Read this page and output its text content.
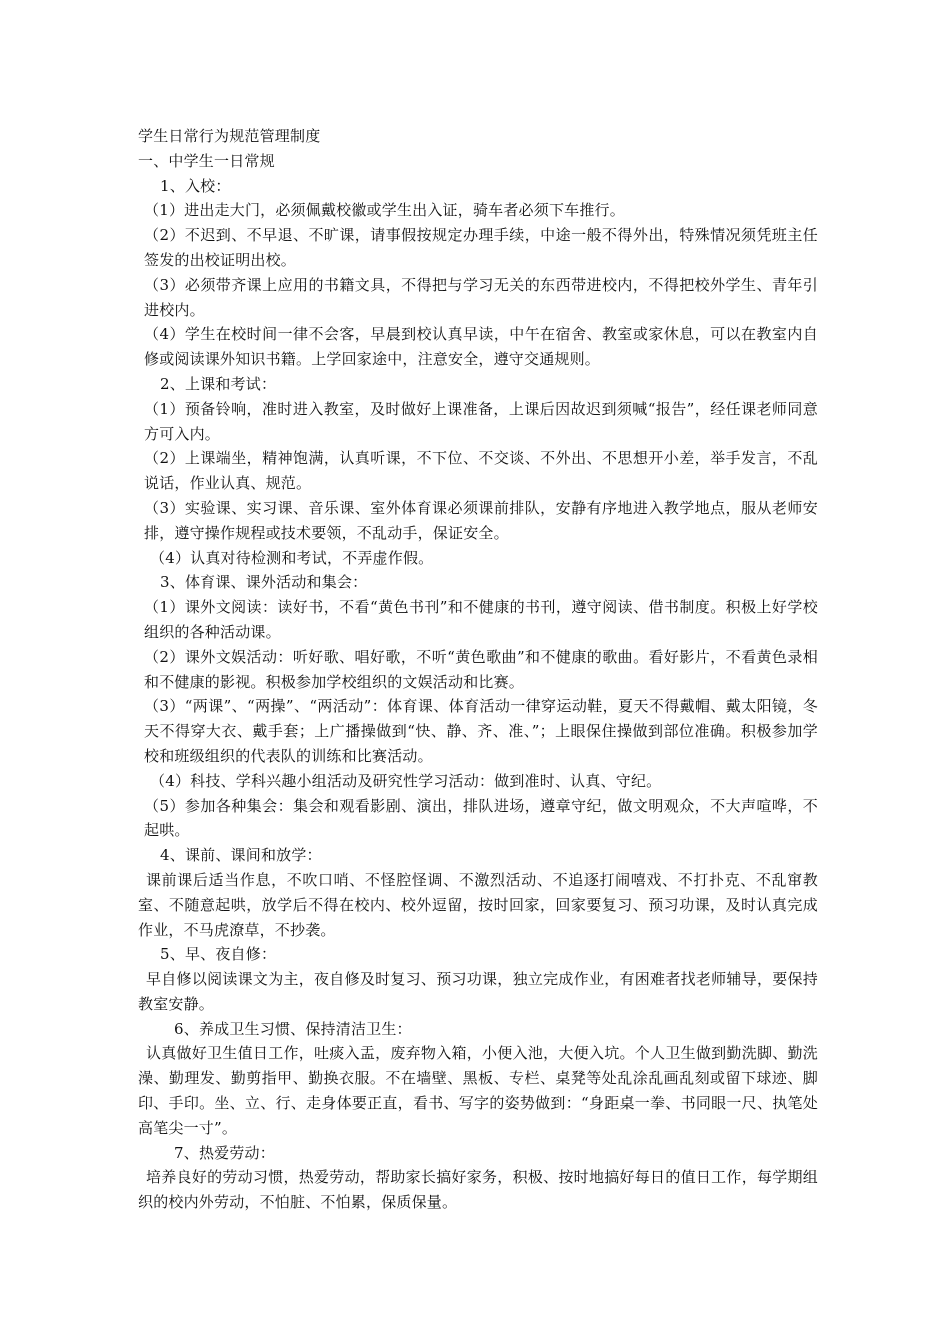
学生日常行为规范管理制度

一、中学生一日常规

1、入校：

（1）进出走大门，必须佩戴校徽或学生出入证，骑车者必须下车推行。

（2）不迟到、不早退、不旷课，请事假按规定办理手续，中途一般不得外出，特殊情况须凭班主任签发的出校证明出校。

（3）必须带齐课上应用的书籍文具，不得把与学习无关的东西带进校内，不得把校外学生、青年引进校内。

（4）学生在校时间一律不会客，早晨到校认真早读，中午在宿舍、教室或家休息，可以在教室内自修或阅读课外知识书籍。上学回家途中，注意安全，遵守交通规则。

2、上课和考试：

（1）预备铃响，准时进入教室，及时做好上课准备，上课后因故迟到须喊“报告”，经任课老师同意方可入内。

（2）上课端坐，精神饱满，认真听课，不下位、不交谈、不外出、不思想开小差，举手发言，不乱说话，作业认真、规范。

（3）实验课、实习课、音乐课、室外体育课必须课前排队，安静有序地进入教学地点，服从老师安排，遵守操作规程或技术要领，不乱动手，保证安全。

（4）认真对待检测和考试，不弄虚作假。

3、体育课、课外活动和集会：

（1）课外文阅读：读好书，不看“黄色书刊”和不健康的书刊，遵守阅读、借书制度。积极上好学校组织的各种活动课。

（2）课外文娱活动：听好歌、唱好歌，不听“黄色歌曲”和不健康的歌曲。看好影片，不看黄色录相和不健康的影视。积极参加学校组织的文娱活动和比赛。

（3）“两课”、“两操”、“两活动”：体育课、体育活动一律穿运动鞋，夏天不得戴帽、戴太阳镜，冬天不得穿大衣、戴手套；上广播操做到“快、静、齐、准、”；上眼保住操做到部位准确。积极参加学校和班级组织的代表队的训练和比赛活动。

（4）科技、学科兴趣小组活动及研究性学习活动：做到准时、认真、守纪。

（5）参加各种集会：集会和观看影剧、演出，排队进场，遵章守纪，做文明观众，不大声喧哗，不起哄。

4、课前、课间和放学：

课前课后适当作息，不吹口哨、不怪腔怪调、不激烈活动、不追逐打闹嘻戏、不打扑克、不乱窜教室、不随意起哄，放学后不得在校内、校外逗留，按时回家，回家要复习、预习功课，及时认真完成作业，不马虎潦草，不抄袭。

5、早、夜自修：

早自修以阅读课文为主，夜自修及时复习、预习功课，独立完成作业，有困难者找老师辅导，要保持教室安静。

6、养成卫生习惯、保持清洁卫生：

认真做好卫生值日工作，吐痰入盂，废弃物入箱，小便入池，大便入坑。个人卫生做到勤洗脚、勤洗澡、勤理发、勤剪指甲、勤换衣服。不在墙壁、黑板、专栏、桌凳等处乱涂乱画乱刻或留下球迹、脚印、手印。坐、立、行、走身体要正直，看书、写字的姿势做到：“身距桌一拳、书同眼一尺、执笔处高笔尖一寸”。

7、热爱劳动：

培养良好的劳动习惯，热爱劳动，帮助家长搞好家务，积极、按时地搞好每日的值日工作，每学期组织的校内外劳动，不怕脏、不怕累，保质保量。
